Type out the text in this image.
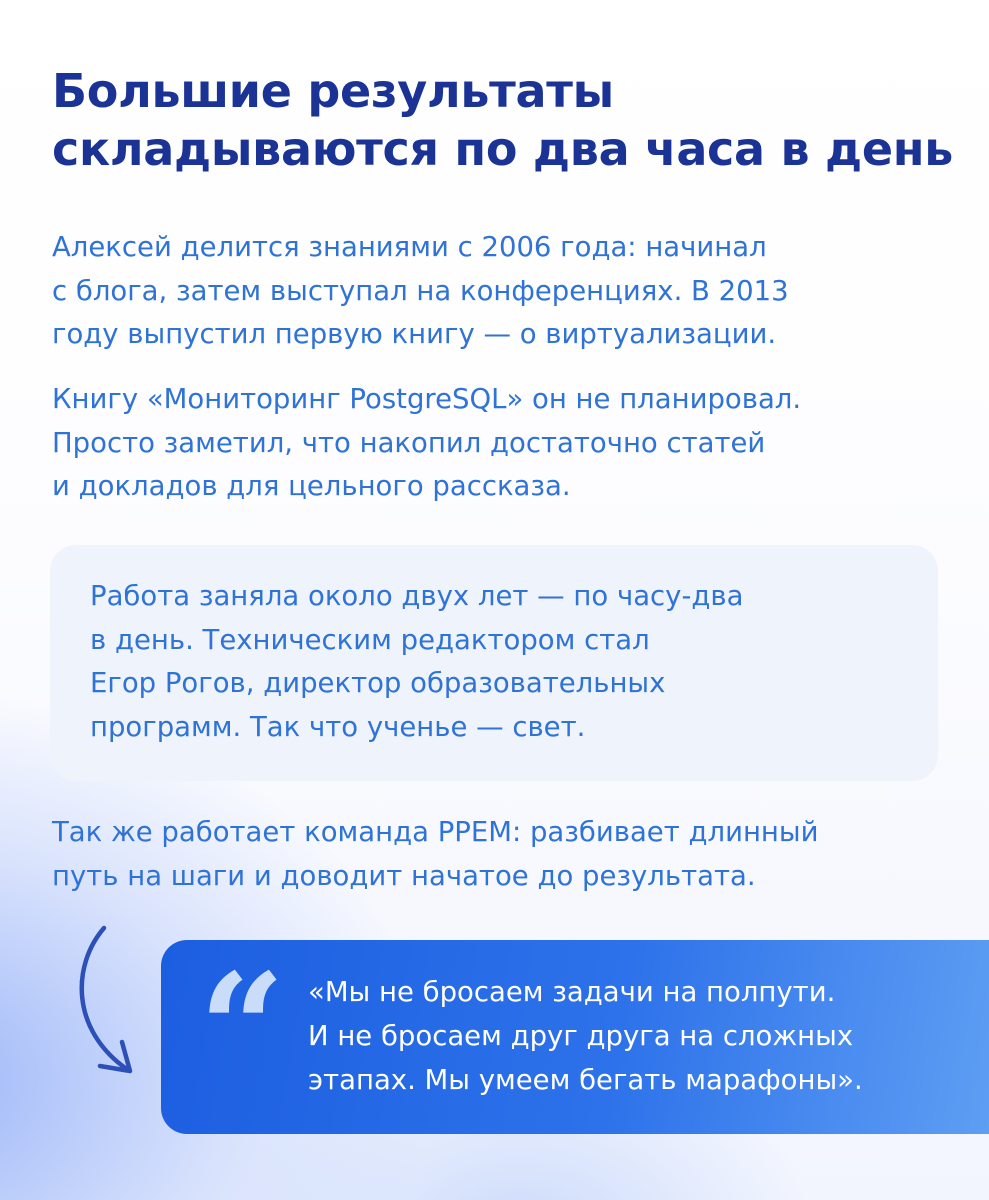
Большие результаты
складываются по два часа в день

Алексей делится знаниями с 2006 года: начинал
с блога, затем выступал на конференциях. В 2013
году выпустил первую книгу — о виртуализации.

Книгу «Мониторинг PostgreSQL» он не планировал.
Просто заметил, что накопил достаточно статей
и докладов для цельного рассказа.

Работа заняла около двух лет — по часу-два
в день. Техническим редактором стал
Егор Рогов, директор образовательных
программ. Так что ученье — свет.

Так же работает команда PPEM: разбивает длинный
путь на шаги и доводит начатое до результата.

“ «Мы не бросаем задачи на полпути.
И не бросаем друг друга на сложных
этапах. Мы умеем бегать марафоны».
